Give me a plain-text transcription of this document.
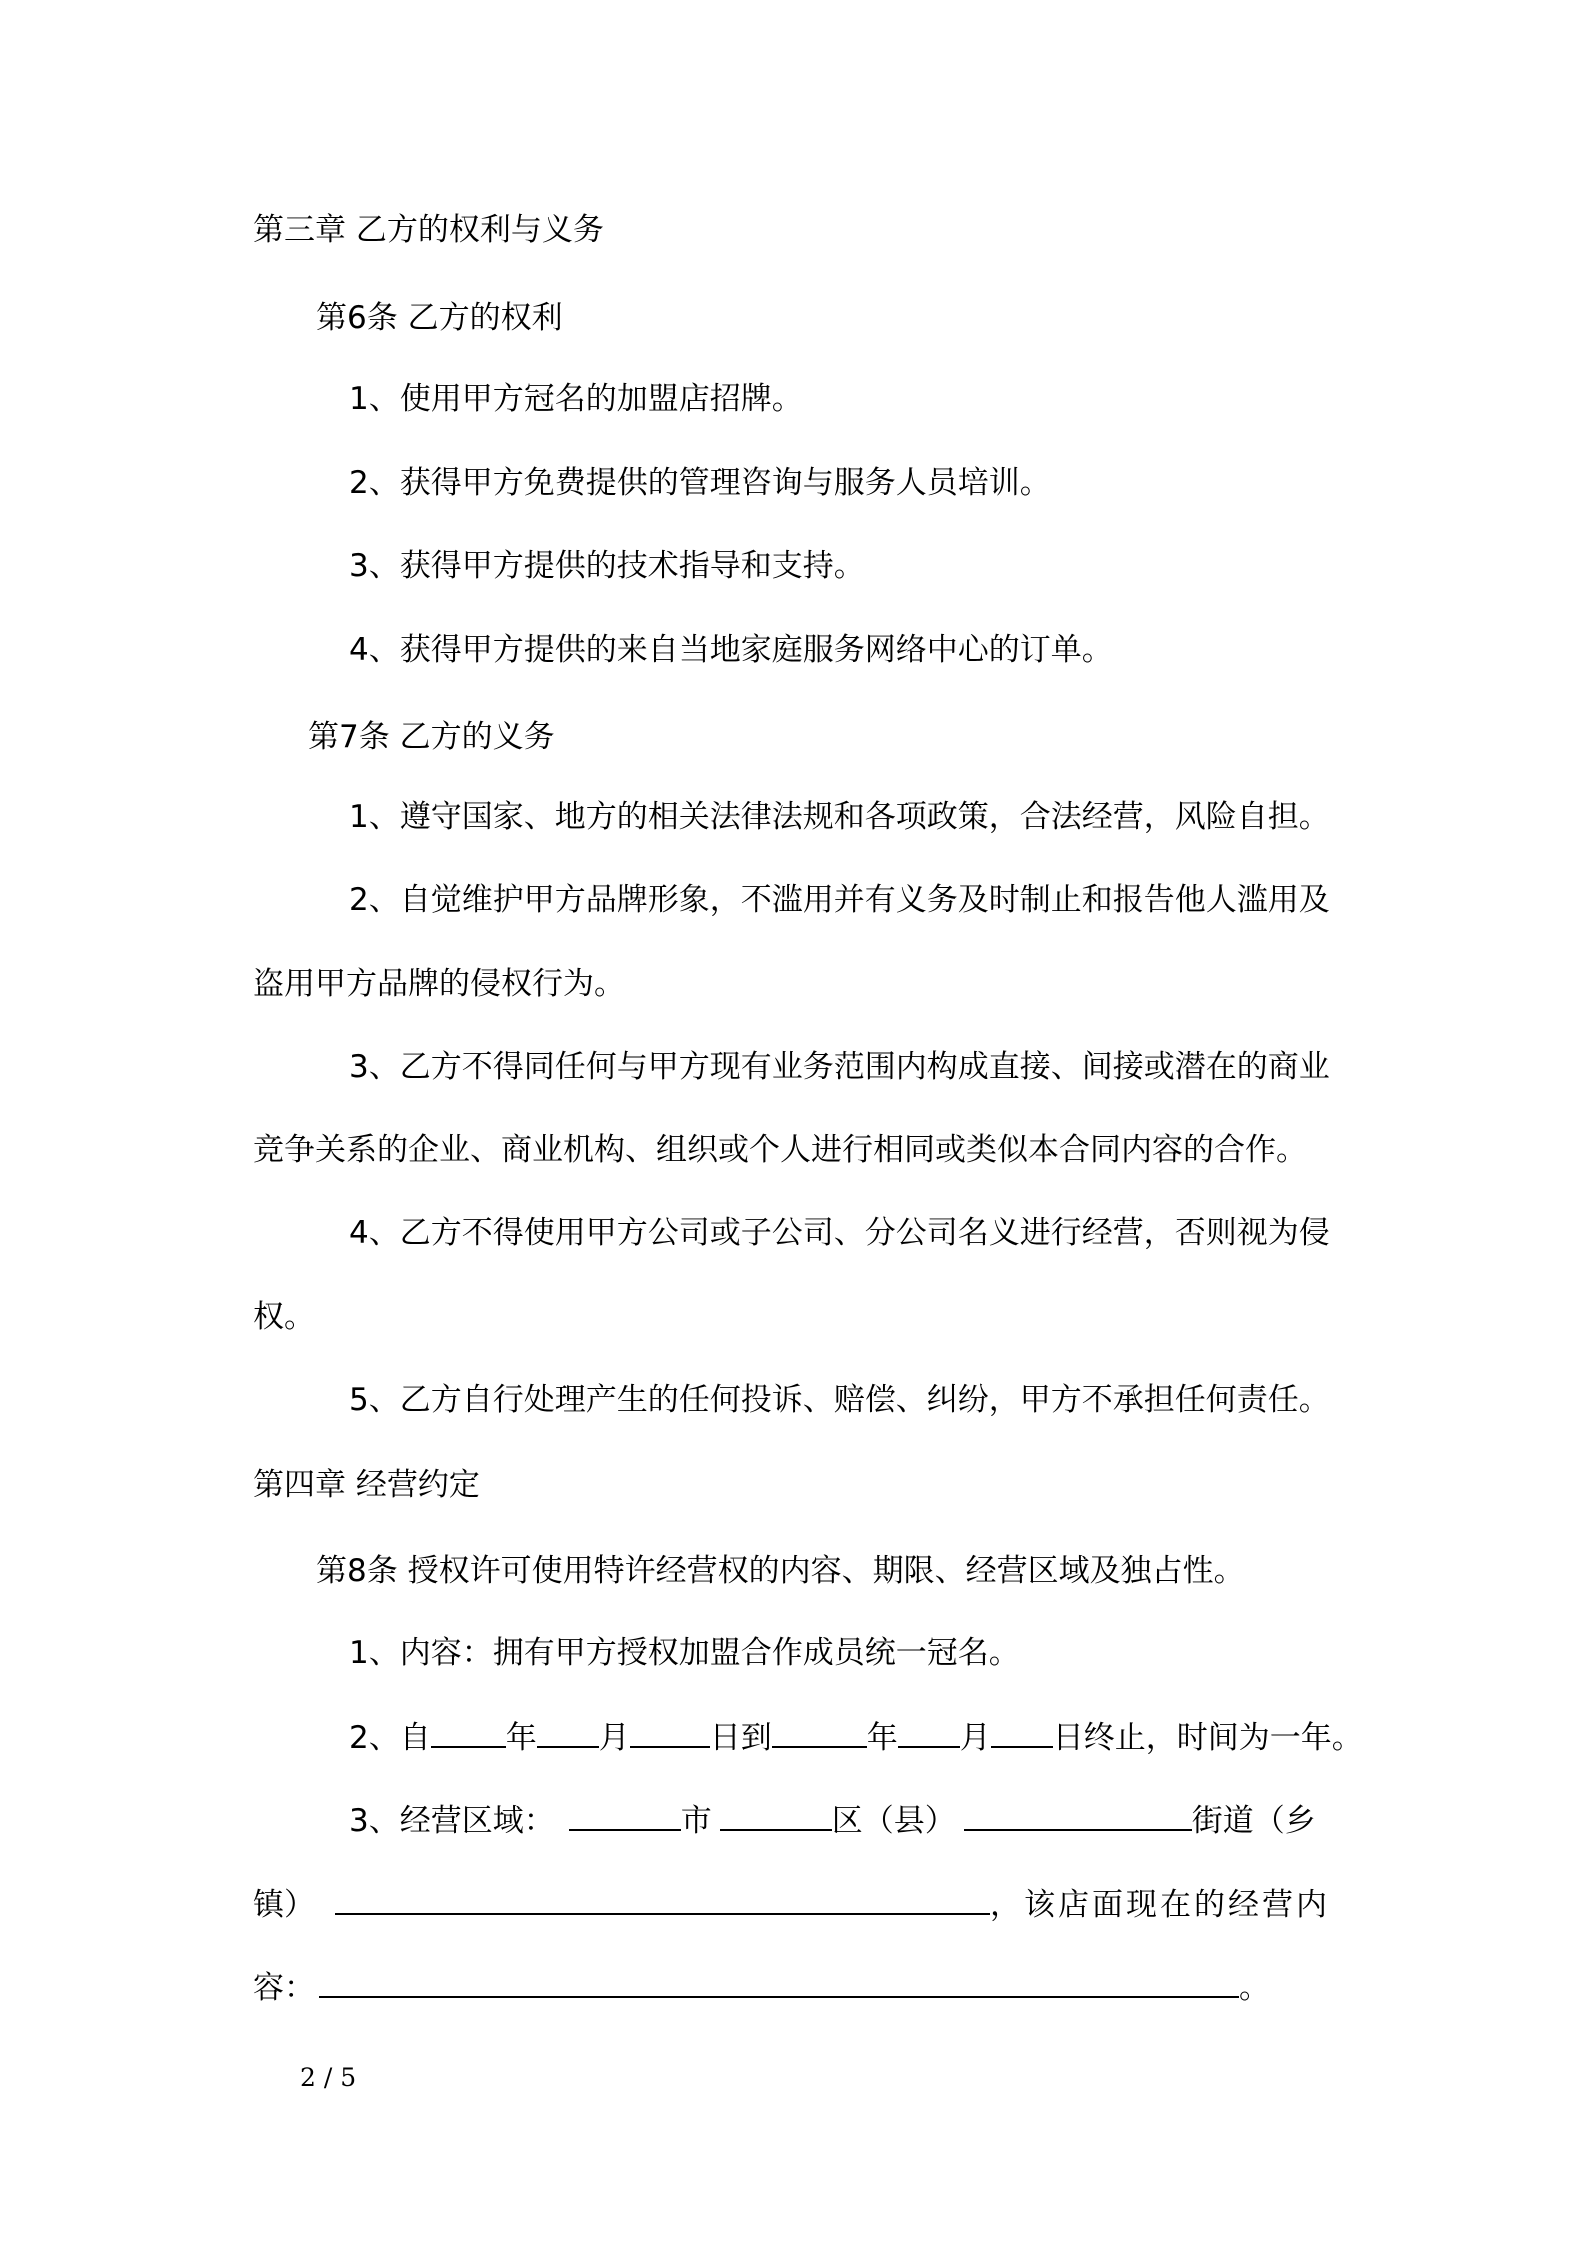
第三章 乙方的权利与义务
第6条 乙方的权利
1、使用甲方冠名的加盟店招牌。
2、获得甲方免费提供的管理咨询与服务人员培训。
3、获得甲方提供的技术指导和支持。
4、获得甲方提供的来自当地家庭服务网络中心的订单。
第7条 乙方的义务
1、遵守国家、地方的相关法律法规和各项政策，合法经营，风险自担。
2、自觉维护甲方品牌形象，不滥用并有义务及时制止和报告他人滥用及
盗用甲方品牌的侵权行为。
3、乙方不得同任何与甲方现有业务范围内构成直接、间接或潜在的商业
竞争关系的企业、商业机构、组织或个人进行相同或类似本合同内容的合作。
4、乙方不得使用甲方公司或子公司、分公司名义进行经营，否则视为侵
权。
5、乙方自行处理产生的任何投诉、赔偿、纠纷，甲方不承担任何责任。
第四章 经营约定
第8条 授权许可使用特许经营权的内容、期限、经营区域及独占性。
1、内容：拥有甲方授权加盟合作成员统一冠名。
2、自 年 月	日到	年 月 日终止，时间为一年。
3、经营区域：	市	区（县）	街道（乡
镇）	，该店面现在的经营内
容：	。
2 / 5
